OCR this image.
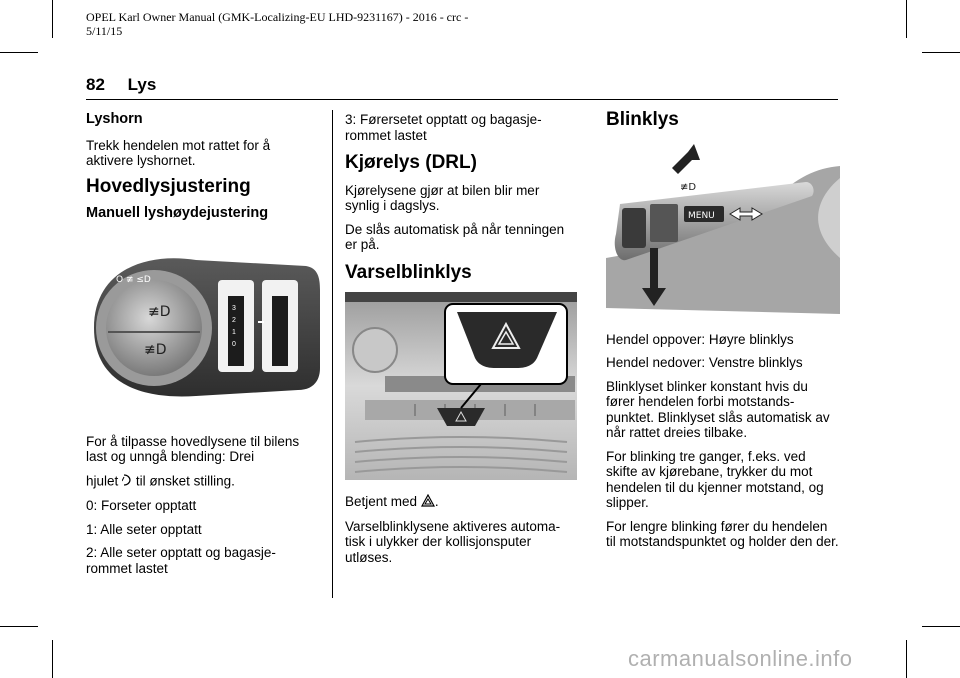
OPEL Karl Owner Manual (GMK-Localizing-EU LHD-9231167) - 2016 - crc -
5/11/15
82 Lys
Lyshorn

Trekk hendelen mot rattet for å aktivere lyshornet.

Hovedlysjustering
Manuell lyshøydejustering
≢D
≢D
O ≢ ≤D
3
2
1
0

For å tilpasse hovedlysene til bilens last og unngå blending: Drei

hjulet til ønsket stilling.

0: Forseter opptatt

1: Alle seter opptatt

2: Alle seter opptatt og bagasje-rommet lastet

3: Førersetet opptatt og bagasje-rommet lastet

Kjørelys (DRL)

Kjørelysene gjør at bilen blir mer synlig i dagslys.

De slås automatisk på når tenningen er på.

Varselblinklys

Betjent med .

Varselblinklysene aktiveres automa-tisk i ulykker der kollisjonsputer utløses.

Blinklys
MENU
≢D

Hendel oppover: Høyre blinklys

Hendel nedover: Venstre blinklys

Blinklyset blinker konstant hvis du fører hendelen forbi motstands-punktet. Blinklyset slås automatisk av når rattet dreies tilbake.

For blinking tre ganger, f.eks. ved skifte av kjørebane, trykker du mot hendelen til du kjenner motstand, og slipper.

For lengre blinking fører du hendelen til motstandspunktet og holder den der.

carmanualsonline.info
